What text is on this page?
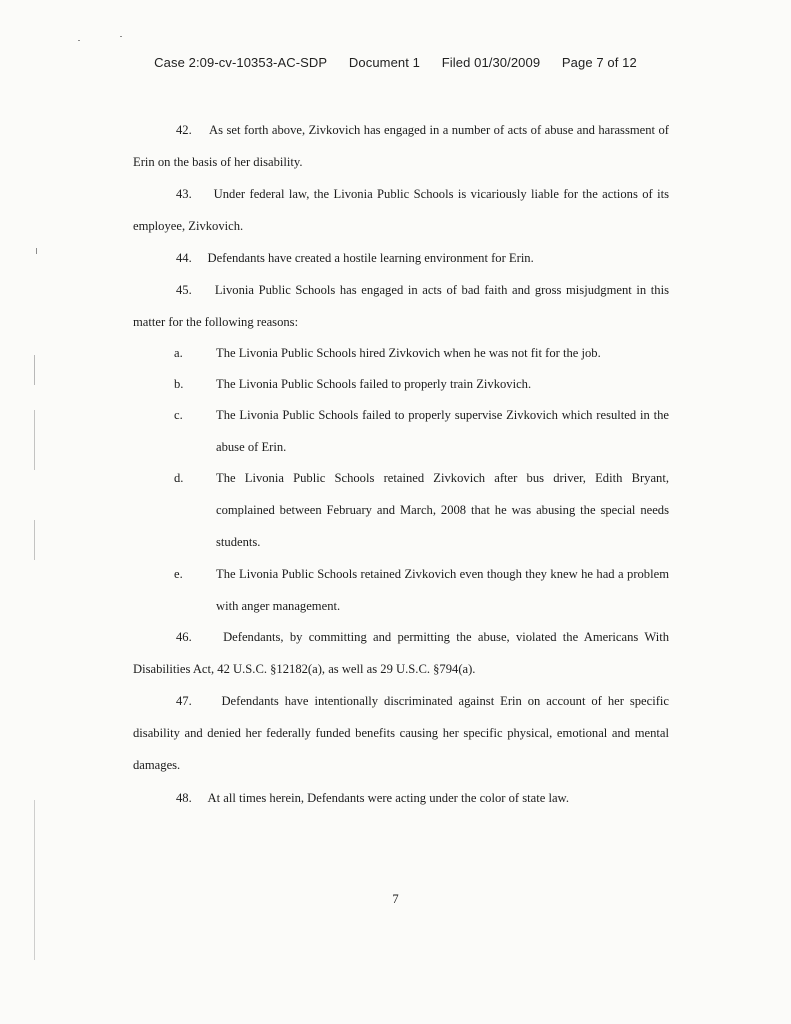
Case 2:09-cv-10353-AC-SDP Document 1 Filed 01/30/2009 Page 7 of 12
42. As set forth above, Zivkovich has engaged in a number of acts of abuse and harassment of Erin on the basis of her disability.
43. Under federal law, the Livonia Public Schools is vicariously liable for the actions of its employee, Zivkovich.
44. Defendants have created a hostile learning environment for Erin.
45. Livonia Public Schools has engaged in acts of bad faith and gross misjudgment in this matter for the following reasons:
a.	The Livonia Public Schools hired Zivkovich when he was not fit for the job.
b.	The Livonia Public Schools failed to properly train Zivkovich.
c.	The Livonia Public Schools failed to properly supervise Zivkovich which resulted in the abuse of Erin.
d.	The Livonia Public Schools retained Zivkovich after bus driver, Edith Bryant, complained between February and March, 2008 that he was abusing the special needs students.
e.	The Livonia Public Schools retained Zivkovich even though they knew he had a problem with anger management.
46. Defendants, by committing and permitting the abuse, violated the Americans With Disabilities Act, 42 U.S.C. §12182(a), as well as 29 U.S.C. §794(a).
47. Defendants have intentionally discriminated against Erin on account of her specific disability and denied her federally funded benefits causing her specific physical, emotional and mental damages.
48. At all times herein, Defendants were acting under the color of state law.
7
